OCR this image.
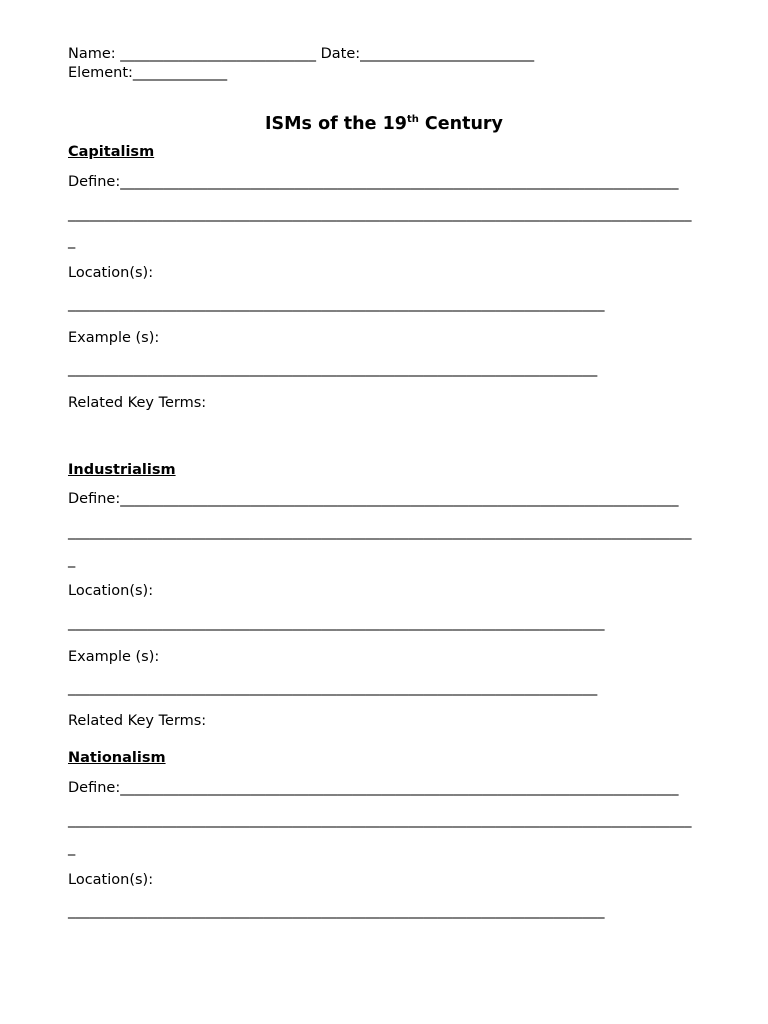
Name: ___________________________ Date:________________________
Element:_____________
ISMs of the 19th Century
Capitalism
Define:_____________________________________________________________________________
______________________________________________________________________________________
_
Location(s):
__________________________________________________________________________
Example (s):
_________________________________________________________________________
Related Key Terms:
Industrialism
Define:_____________________________________________________________________________
______________________________________________________________________________________
_
Location(s):
__________________________________________________________________________
Example (s):
_________________________________________________________________________
Related Key Terms:
Nationalism
Define:_____________________________________________________________________________
______________________________________________________________________________________
_
Location(s):
__________________________________________________________________________
